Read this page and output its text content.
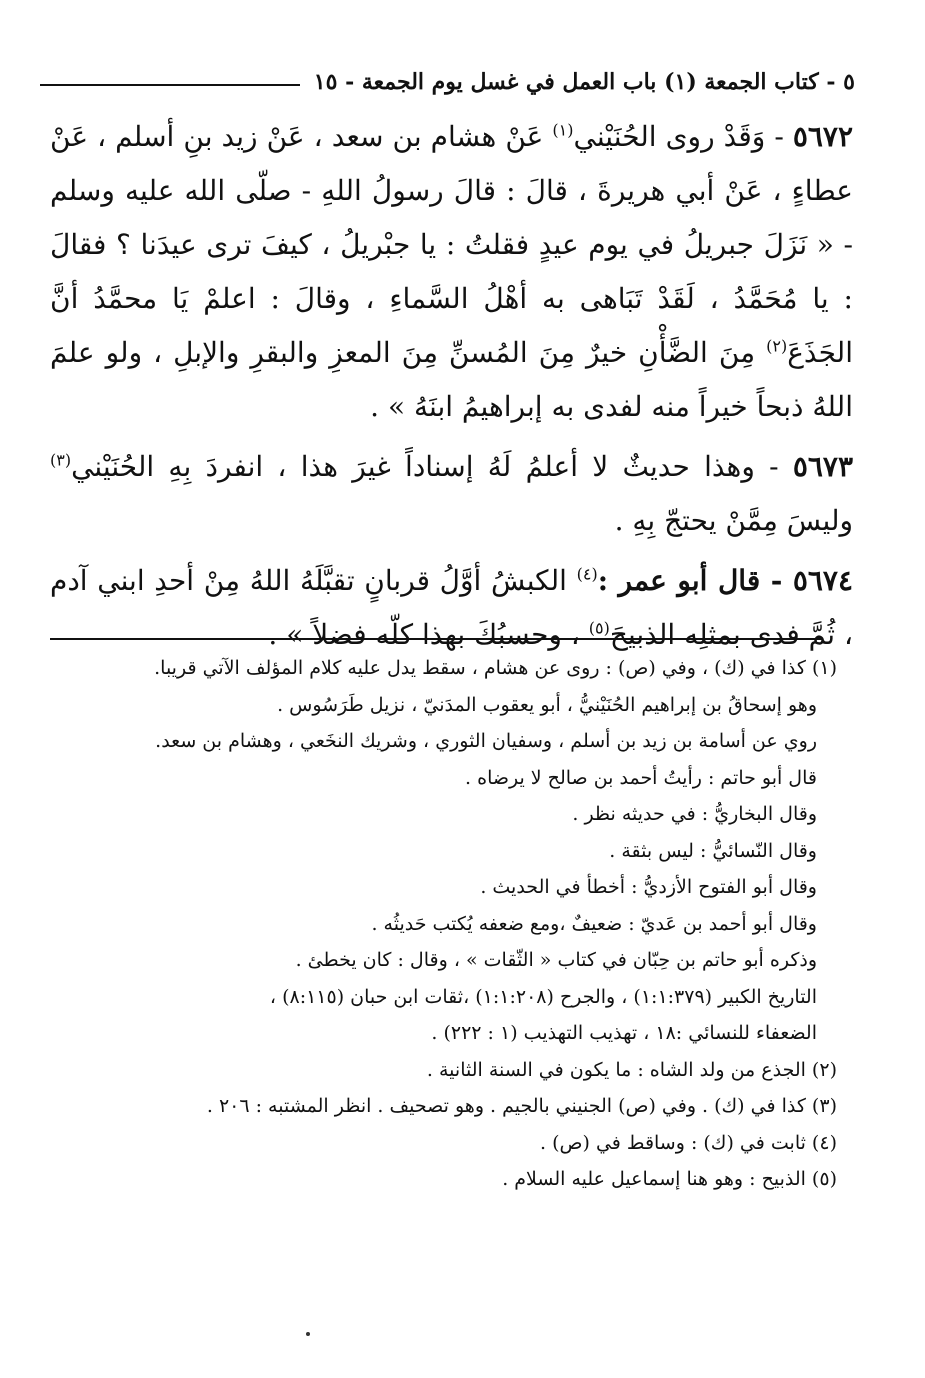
٥ - كتاب الجمعة (١) باب العمل في غسل يوم الجمعة - ١٥

٥٦٧٢ - وَقَدْ روى الحُنَيْني$^{(١)}$ عَنْ هشام بن سعد ، عَنْ زيد بنِ أسلم ، عَنْ عطاءٍ ، عَنْ أبي هريرةَ ، قالَ : قالَ رسولُ اللهِ - صلّى الله عليه وسلم - « نَزَلَ جبريلُ في يوم عيدٍ فقلتُ : يا جبْريلُ ، كيفَ ترى عيدَنا ؟ فقالَ : يا مُحَمَّدُ ، لَقَدْ تَبَاهى به أهْلُ السَّماءِ ، وقالَ : اعلمْ يَا محمَّدُ أنَّ الجَذَعَ$^{(٢)}$ مِنَ الضَّأْنِ خيرٌ مِنَ المُسنِّ مِنَ المعزِ والبقرِ والإبلِ ، ولو علمَ اللهُ ذبحاً خيراً منه لفدى به إبراهيمُ ابنَهُ » .

٥٦٧٣ - وهذا حديثٌ لا أعلمُ لَهُ إسناداً غيرَ هذا ، انفردَ بِهِ الحُنَيْني$^{(٣)}$ وليسَ مِمَّنْ يحتجّ بِهِ .

٥٦٧٤ - قال أبو عمر :$^{(٤)}$ الكبشُ أوَّلُ قربانٍ تقبَّلَهُ اللهُ مِنْ أحدِ ابني آدم ، ثُمَّ فدى بمثلِه الذبيحَ$^{(٥)}$ ، وحسبُكَ بهذا كلّه فضلاً » .

(١) كذا في (ك) ، وفي (ص) : روى عن هشام ، سقط يدل عليه كلام المؤلف الآتي قريبا.
وهو إسحاقُ بن إبراهيم الحُنَيْنيُّ ، أبو يعقوب المدَنيّ ، نزيل طَرَسُوس .
روي عن أسامة بن زيد بن أسلم ، وسفيان الثوري ، وشريك النخَعي ، وهشام بن سعد.
قال أبو حاتم : رأيتُ أحمد بن صالح لا يرضاه .
وقال البخاريُّ : في حديثه نظر .
وقال النّسائيُّ : ليس بثقة .
وقال أبو الفتوح الأزديُّ : أخطأ في الحديث .
وقال أبو أحمد بن عَديّ : ضعيفٌ ،ومع ضعفه يُكتب حَديثُه .
وذكره أبو حاتم بن حِبّان في كتاب « الثّقات » ، وقال : كان يخطئ .
التاريخ الكبير (١:١:٣٧٩) ، والجرح (١:١:٢٠٨) ،ثقات ابن حبان (٨:١١٥) ،
الضعفاء للنسائي :١٨ ، تهذيب التهذيب (١ : ٢٢٢) .
(٢) الجذع من ولد الشاه : ما يكون في السنة الثانية .
(٣) كذا في (ك) . وفي (ص) الجنيني بالجيم . وهو تصحيف . انظر المشتبه : ٢٠٦ .
(٤) ثابت في (ك) : وساقط في (ص) .
(٥) الذبيح : وهو هنا إسماعيل عليه السلام .
